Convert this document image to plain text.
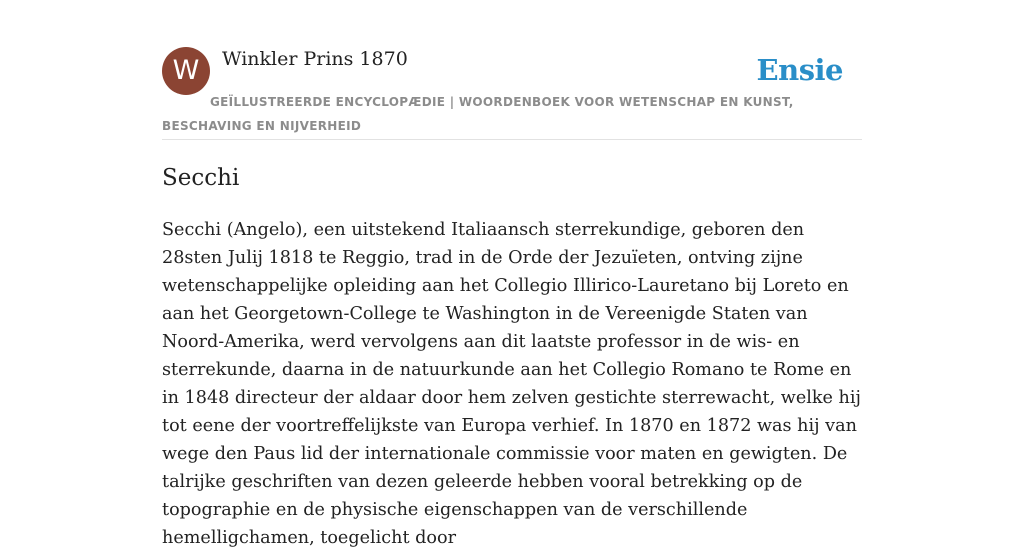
W	Winkler Prins 1870	Ensie
GEÏLLUSTREERDE ENCYCLOPÆDIE | WOORDENBOEK VOOR WETENSCHAP EN KUNST, BESCHAVING EN NIJVERHEID
Secchi

Secchi (Angelo), een uitstekend Italiaansch sterrekundige, geboren den 28sten Julij 1818 te Reggio, trad in de Orde der Jezuïeten, ontving zijne wetenschappelijke opleiding aan het Collegio Illirico-Lauretano bij Loreto en aan het Georgetown-College te Washington in de Vereenigde Staten van Noord-Amerika, werd vervolgens aan dit laatste professor in de wis- en sterrekunde, daarna in de natuurkunde aan het Collegio Romano te Rome en in 1848 directeur der aldaar door hem zelven gestichte sterrewacht, welke hij tot eene der voortreffelijkste van Europa verhief. In 1870 en 1872 was hij van wege den Paus lid der internationale commissie voor maten en gewigten. De talrijke geschriften van dezen geleerde hebben vooral betrekking op de topographie en de physische eigenschappen van de verschillende hemelligchamen, toegelicht door
